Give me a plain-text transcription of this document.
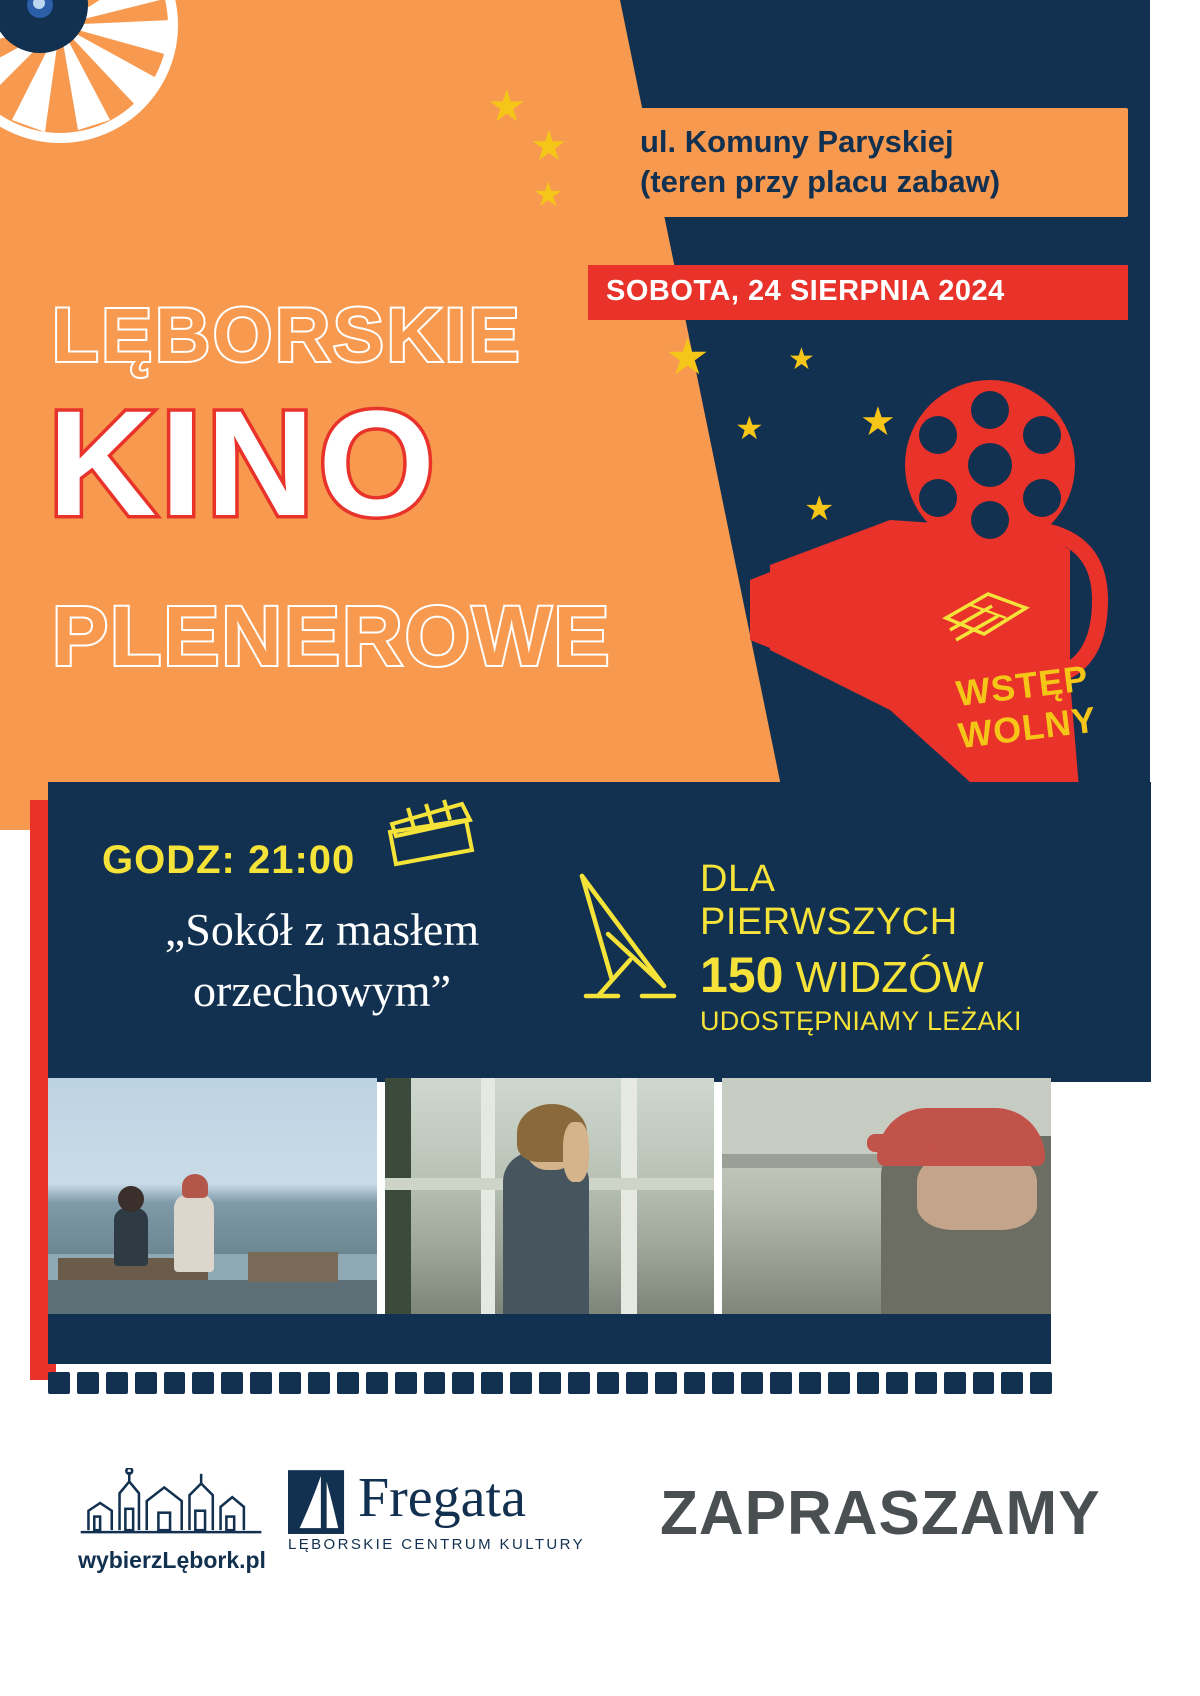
★
★
★
★	★
★ ★
★
ul. Komuny Paryskiej
(teren przy placu zabaw)
SOBOTA, 24 SIERPNIA 2024
LĘBORSKIE
KINO
PLENEROWE
WSTĘP
WOLNY
GODZ: 21:00
„Sokół z masłem orzechowym”
DLA PIERWSZYCH
150 WIDZÓW
UDOSTĘPNIAMY LEŻAKI
wybierzLębork.pl
Fregata
LĘBORSKIE CENTRUM KULTURY	ZAPRASZAMY
